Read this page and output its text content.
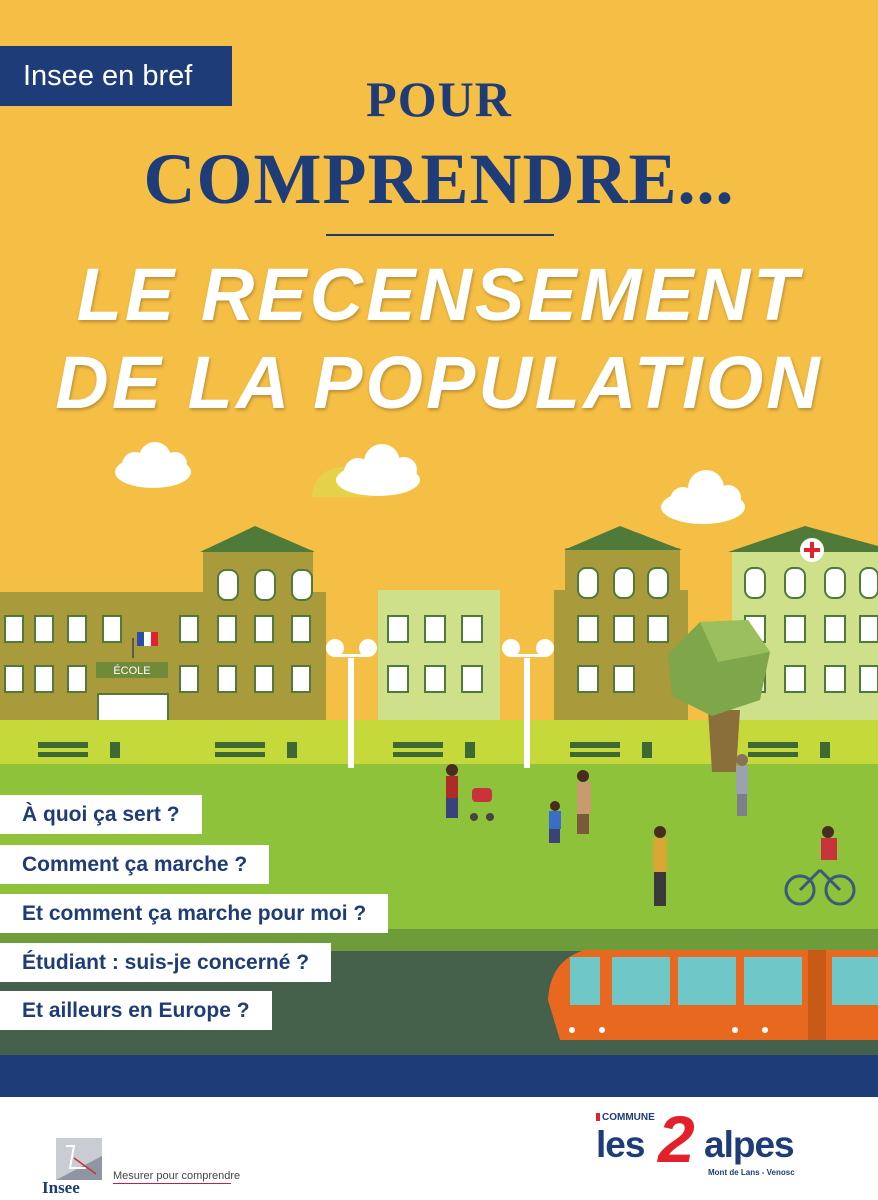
Insee en bref	POUR
COMPRENDRE...
LE RECENSEMENT
DE LA POPULATION
ÉCOLE
À quoi ça sert ?
Comment ça marche ?
Et comment ça marche pour moi ?
Étudiant : suis-je concerné ?
Et ailleurs en Europe ?
Insee
Mesurer pour comprendre
COMMUNE
les 2 alpes
Mont de Lans - Venosc
